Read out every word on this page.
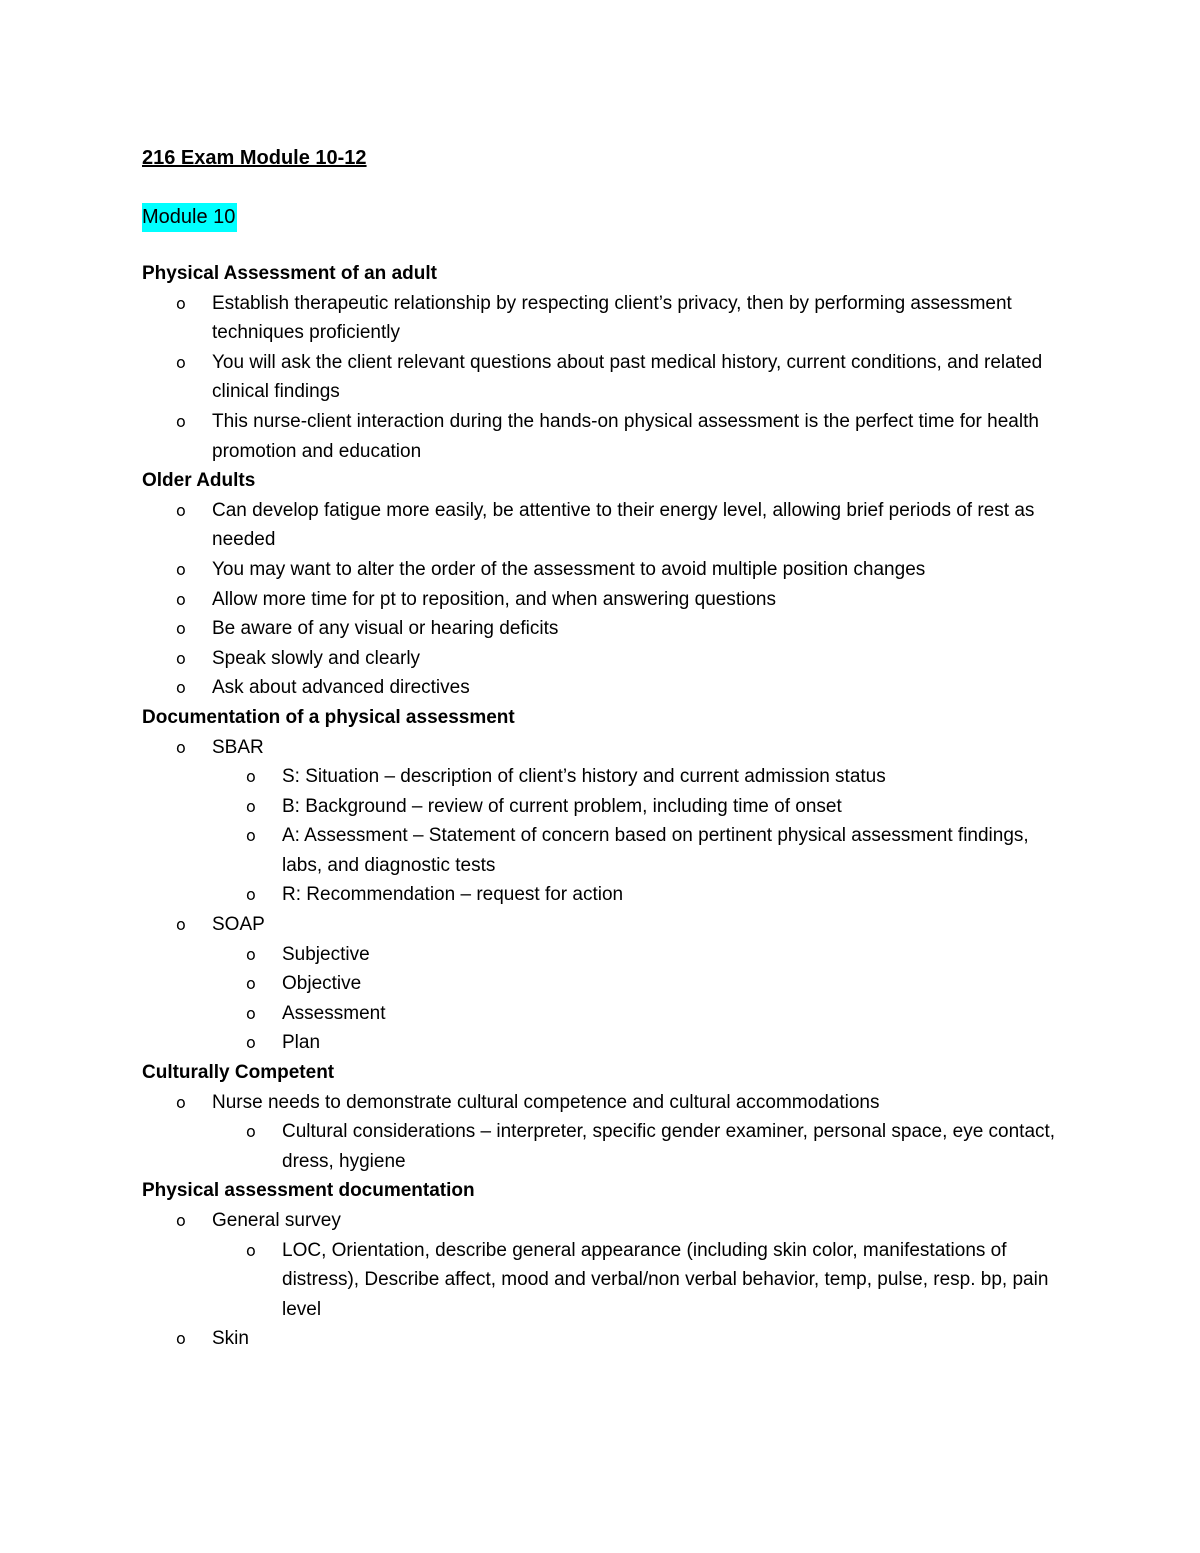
216 Exam Module 10-12
Module 10
Physical Assessment of an adult
o Establish therapeutic relationship by respecting client’s privacy, then by performing assessment techniques proficiently
o You will ask the client relevant questions about past medical history, current conditions, and related clinical findings
o This nurse-client interaction during the hands-on physical assessment is the perfect time for health promotion and education
Older Adults
o Can develop fatigue more easily, be attentive to their energy level, allowing brief periods of rest as needed
o You may want to alter the order of the assessment to avoid multiple position changes
o Allow more time for pt to reposition, and when answering questions
o Be aware of any visual or hearing deficits
o Speak slowly and clearly
o Ask about advanced directives
Documentation of a physical assessment
o SBAR
o S: Situation – description of client’s history and current admission status
o B: Background – review of current problem, including time of onset
o A: Assessment – Statement of concern based on pertinent physical assessment findings, labs, and diagnostic tests
o R: Recommendation – request for action
o SOAP
o Subjective
o Objective
o Assessment
o Plan
Culturally Competent
o Nurse needs to demonstrate cultural competence and cultural accommodations
o Cultural considerations – interpreter, specific gender examiner, personal space, eye contact, dress, hygiene
Physical assessment documentation
o General survey
o LOC, Orientation, describe general appearance (including skin color, manifestations of distress), Describe affect, mood and verbal/non verbal behavior, temp, pulse, resp. bp, pain level
o Skin
